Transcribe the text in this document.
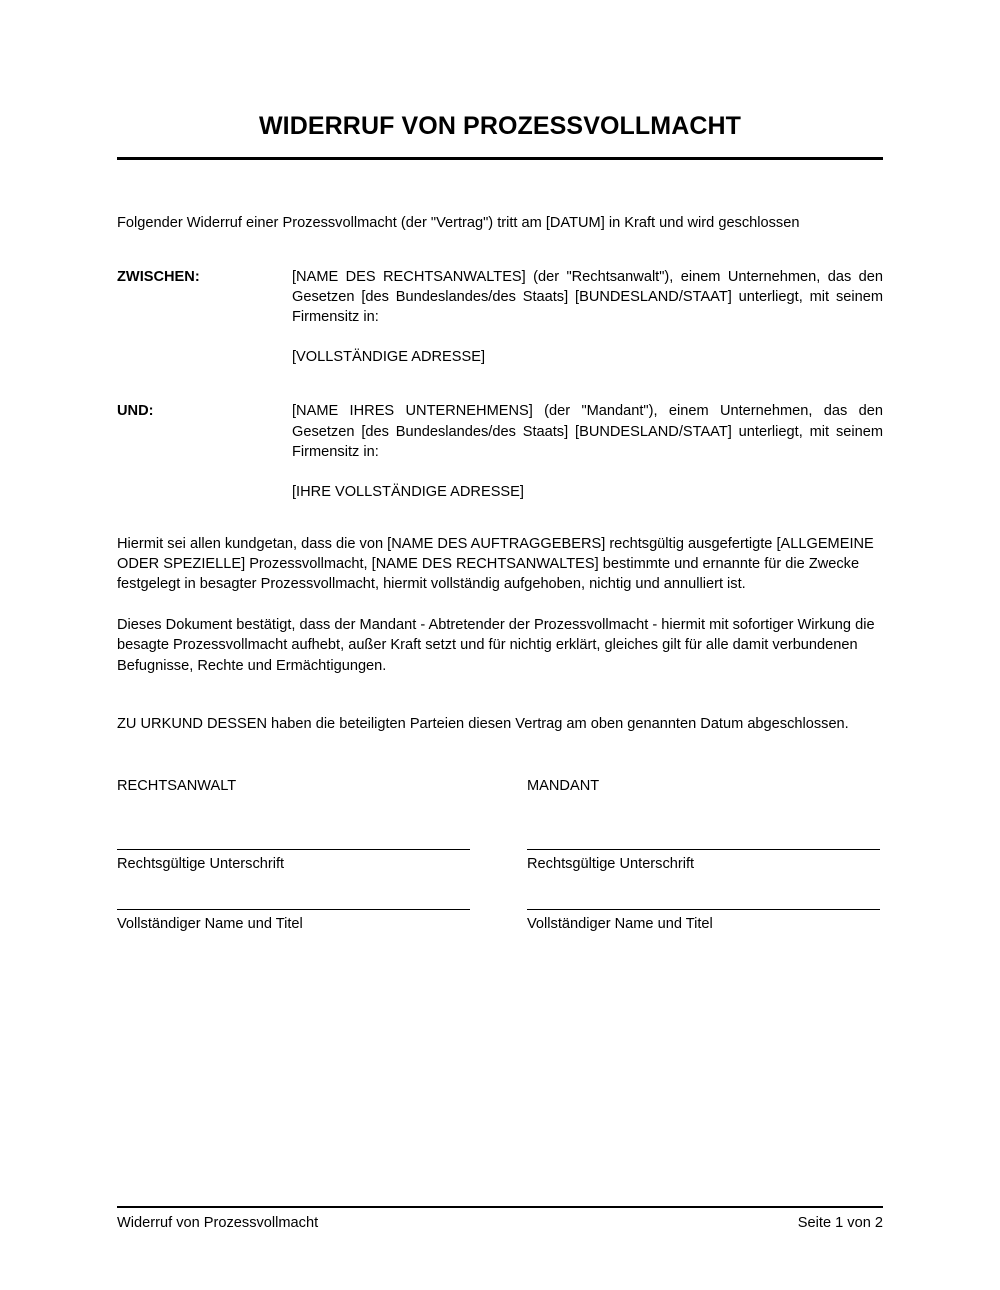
WIDERRUF VON PROZESSVOLLMACHT

Folgender Widerruf einer Prozessvollmacht (der "Vertrag") tritt am [DATUM] in Kraft und wird geschlossen

ZWISCHEN:	[NAME DES RECHTSANWALTES] (der "Rechtsanwalt"), einem Unternehmen, das den Gesetzen [des Bundeslandes/des Staats] [BUNDESLAND/STAAT] unterliegt, mit seinem Firmensitz in:

[VOLLSTÄNDIGE ADRESSE]

UND:	[NAME IHRES UNTERNEHMENS] (der "Mandant"), einem Unternehmen, das den Gesetzen [des Bundeslandes/des Staats] [BUNDESLAND/STAAT] unterliegt, mit seinem Firmensitz in:

[IHRE VOLLSTÄNDIGE ADRESSE]

Hiermit sei allen kundgetan, dass die von [NAME DES AUFTRAGGEBERS] rechtsgültig ausgefertigte [ALLGEMEINE ODER SPEZIELLE] Prozessvollmacht, [NAME DES RECHTSANWALTES] bestimmte und ernannte für die Zwecke festgelegt in besagter Prozessvollmacht, hiermit vollständig aufgehoben, nichtig und annulliert ist.

Dieses Dokument bestätigt, dass der Mandant - Abtretender der Prozessvollmacht - hiermit mit sofortiger Wirkung die besagte Prozessvollmacht aufhebt, außer Kraft setzt und für nichtig erklärt, gleiches gilt für alle damit verbundenen Befugnisse, Rechte und Ermächtigungen.

ZU URKUND DESSEN haben die beteiligten Parteien diesen Vertrag am oben genannten Datum abgeschlossen.

RECHTSANWALT	MANDANT
Rechtsgültige Unterschrift	Rechtsgültige Unterschrift
Vollständiger Name und Titel	Vollständiger Name und Titel
Widerruf von Prozessvollmacht	Seite 1 von 2
